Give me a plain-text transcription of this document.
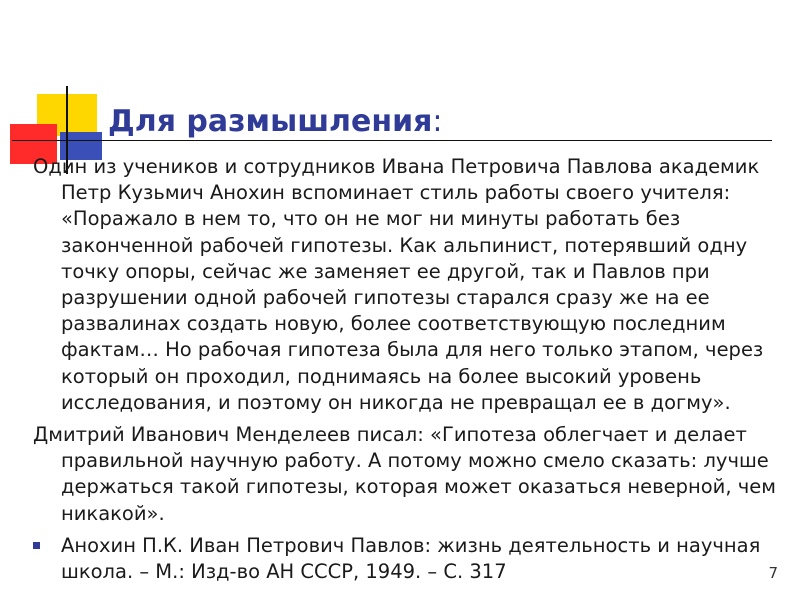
Для размышления:

Один из учеников и сотрудников Ивана Петровича Павлова академик Петр Кузьмич Анохин вспоминает стиль работы своего учителя: «Поражало в нем то, что он не мог ни минуты работать без законченной рабочей гипотезы. Как альпинист, потерявший одну точку опоры, сейчас же заменяет ее другой, так и Павлов при разрушении одной рабочей гипотезы старался сразу же на ее развалинах создать новую, более соответствующую последним фактам… Но рабочая гипотеза была для него только этапом, через который он проходил, поднимаясь на более высокий уровень исследования, и поэтому он никогда не превращал ее в догму».

Дмитрий Иванович Менделеев писал: «Гипотеза облегчает и делает правильной научную работу. А потому можно смело сказать: лучше держаться такой гипотезы, которая может оказаться неверной, чем никакой».

Анохин П.К. Иван Петрович Павлов: жизнь деятельность и научная школа. – М.: Изд-во АН СССР, 1949. – С. 317	7
